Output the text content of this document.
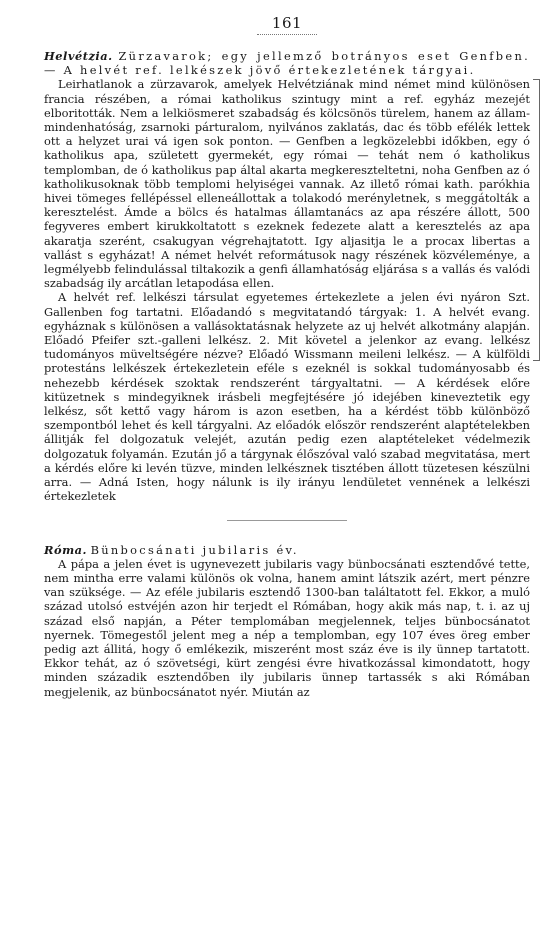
161

Helvétzia. Zürzavarok; egy jellemző botrányos eset Genfben. — A helvét ref. lelkészek jövő értekezletének tárgyai.

Leirhatlanok a zürzavarok, amelyek Helvétziának mind német mind különösen francia részében, a római katholikus szintugy mint a ref. egyház mezejét elboritották. Nem a lelkiösmeret szabadság és kölcsönös türelem, hanem az állam-mindenhatóság, zsarnoki párturalom, nyilvános zaklatás, dac és több efélék lettek ott a helyzet urai vá igen sok ponton. — Genfben a legközelebbi időkben, egy ó katholikus apa, született gyermekét, egy római — tehát nem ó katholikus templomban, de ó katholikus pap által akarta megkereszteltetni, noha Genfben az ó katholikusoknak több templomi helyiségei vannak. Az illető római kath. parókhia hivei tömeges fellépéssel elleneállottak a tolakodó merényletnek, s meggátolták a keresztelést. Ámde a bölcs és hatalmas államtanács az apa részére állott, 500 fegyveres embert kirukkoltatott s ezeknek fedezete alatt a keresztelés az apa akaratja szerént, csakugyan végrehajtatott. Igy aljasitja le a procax libertas a vallást s egyházat! A német helvét reformátusok nagy részének közvéleménye, a legmélyebb felindulással tiltakozik a genfi államhatóság eljárása s a vallás és valódi szabadság ily arcátlan letapodása ellen.

A helvét ref. lelkészi társulat egyetemes értekezlete a jelen évi nyáron Szt. Gallenben fog tartatni. Előadandó s megvitatandó tárgyak: 1. A helvét evang. egyháznak s különösen a vallásoktatásnak helyzete az uj helvét alkotmány alapján. Előadó Pfeifer szt.-galleni lelkész. 2. Mit követel a jelenkor az evang. lelkész tudományos müveltségére nézve? Előadó Wissmann meileni lelkész. — A külföldi protestáns lelkészek értekezletein eféle s ezeknél is sokkal tudományosabb és nehezebb kérdések szoktak rendszerént tárgyaltatni. — A kérdések előre kitüzetnek s mindegyiknek irásbeli megfejtésére jó idejében kineveztetik egy lelkész, sőt kettő vagy három is azon esetben, ha a kérdést több különböző szempontból lehet és kell tárgyalni. Az előadók először rendszerént alaptételekben állitják fel dolgozatuk velejét, azután pedig ezen alaptételeket védelmezik dolgozatuk folyamán. Ezután jő a tárgynak élőszóval való szabad megvitatása, mert a kérdés előre ki levén tüzve, minden lelkésznek tisztében állott tüzetesen készülni arra. — Adná Isten, hogy nálunk is ily irányu lendületet vennének a lelkészi értekezletek

Róma. Bünbocsánati jubilaris év.

A pápa a jelen évet is ugynevezett jubilaris vagy bünbocsánati esztendővé tette, nem mintha erre valami különös ok volna, hanem amint látszik azért, mert pénzre van szüksége. — Az eféle jubilaris esztendő 1300-ban találtatott fel. Ekkor, a muló század utolsó estvéjén azon hir terjedt el Rómában, hogy akik más nap, t. i. az uj század első napján, a Péter templomában megjelennek, teljes bünbocsánatot nyernek. Tömegestől jelent meg a nép a templomban, egy 107 éves öreg ember pedig azt állitá, hogy ő emlékezik, miszerént most száz éve is ily ünnep tartatott. Ekkor tehát, az ó szövetségi, kürt zengési évre hivatkozással kimondatott, hogy minden századik esztendőben ily jubilaris ünnep tartassék s aki Rómában megjelenik, az bünbocsánatot nyér. Miután az
